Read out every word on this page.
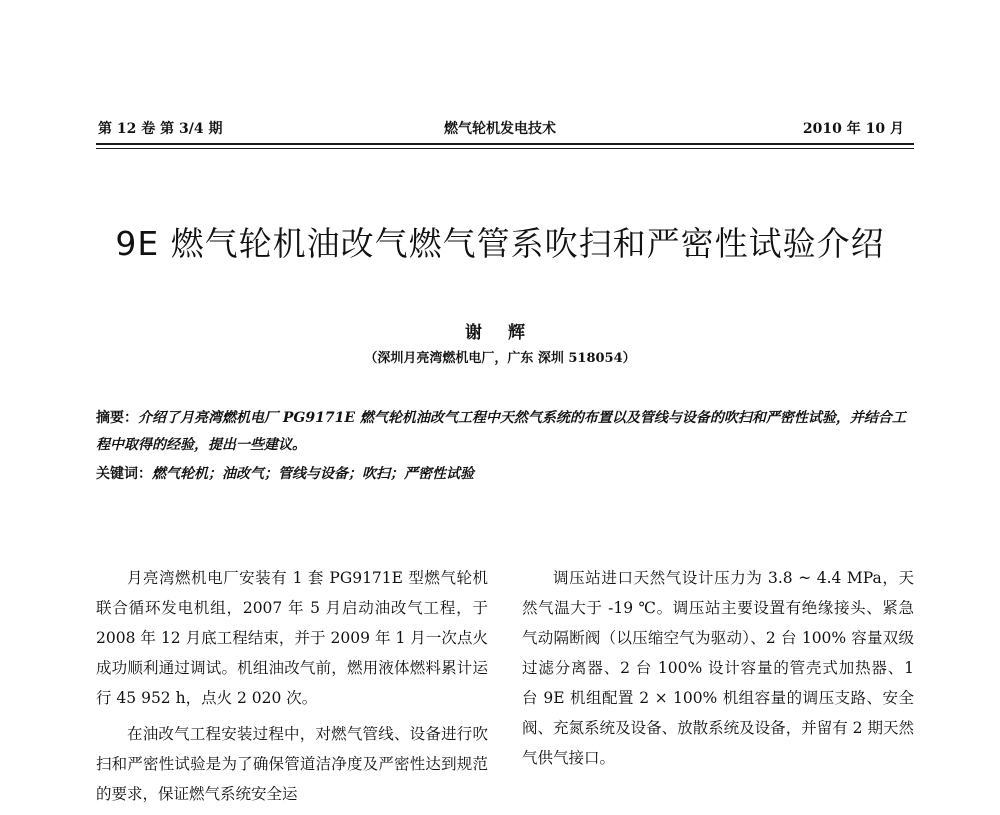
第 12 卷 第 3/4 期	燃气轮机发电技术	2010 年 10 月
9E 燃气轮机油改气燃气管系吹扫和严密性试验介绍
谢 辉
（深圳月亮湾燃机电厂，广东 深圳 518054）
摘要：介绍了月亮湾燃机电厂 PG9171E 燃气轮机油改气工程中天然气系统的布置以及管线与设备的吹扫和严密性试验，并结合工程中取得的经验，提出一些建议。
关键词：燃气轮机；油改气；管线与设备；吹扫；严密性试验

月亮湾燃机电厂安装有 1 套 PG9171E 型燃气轮机联合循环发电机组，2007 年 5 月启动油改气工程，于 2008 年 12 月底工程结束，并于 2009 年 1 月一次点火成功顺利通过调试。机组油改气前，燃用液体燃料累计运行 45 952 h，点火 2 020 次。

在油改气工程安装过程中，对燃气管线、设备进行吹扫和严密性试验是为了确保管道洁净度及严密性达到规范的要求，保证燃气系统安全运

调压站进口天然气设计压力为 3.8 ~ 4.4 MPa，天然气温大于 -19 ℃。调压站主要设置有绝缘接头、紧急气动隔断阀（以压缩空气为驱动）、2 台 100% 容量双级过滤分离器、2 台 100% 设计容量的管壳式加热器、1 台 9E 机组配置 2 × 100% 机组容量的调压支路、安全阀、充氮系统及设备、放散系统及设备，并留有 2 期天然气供气接口。
